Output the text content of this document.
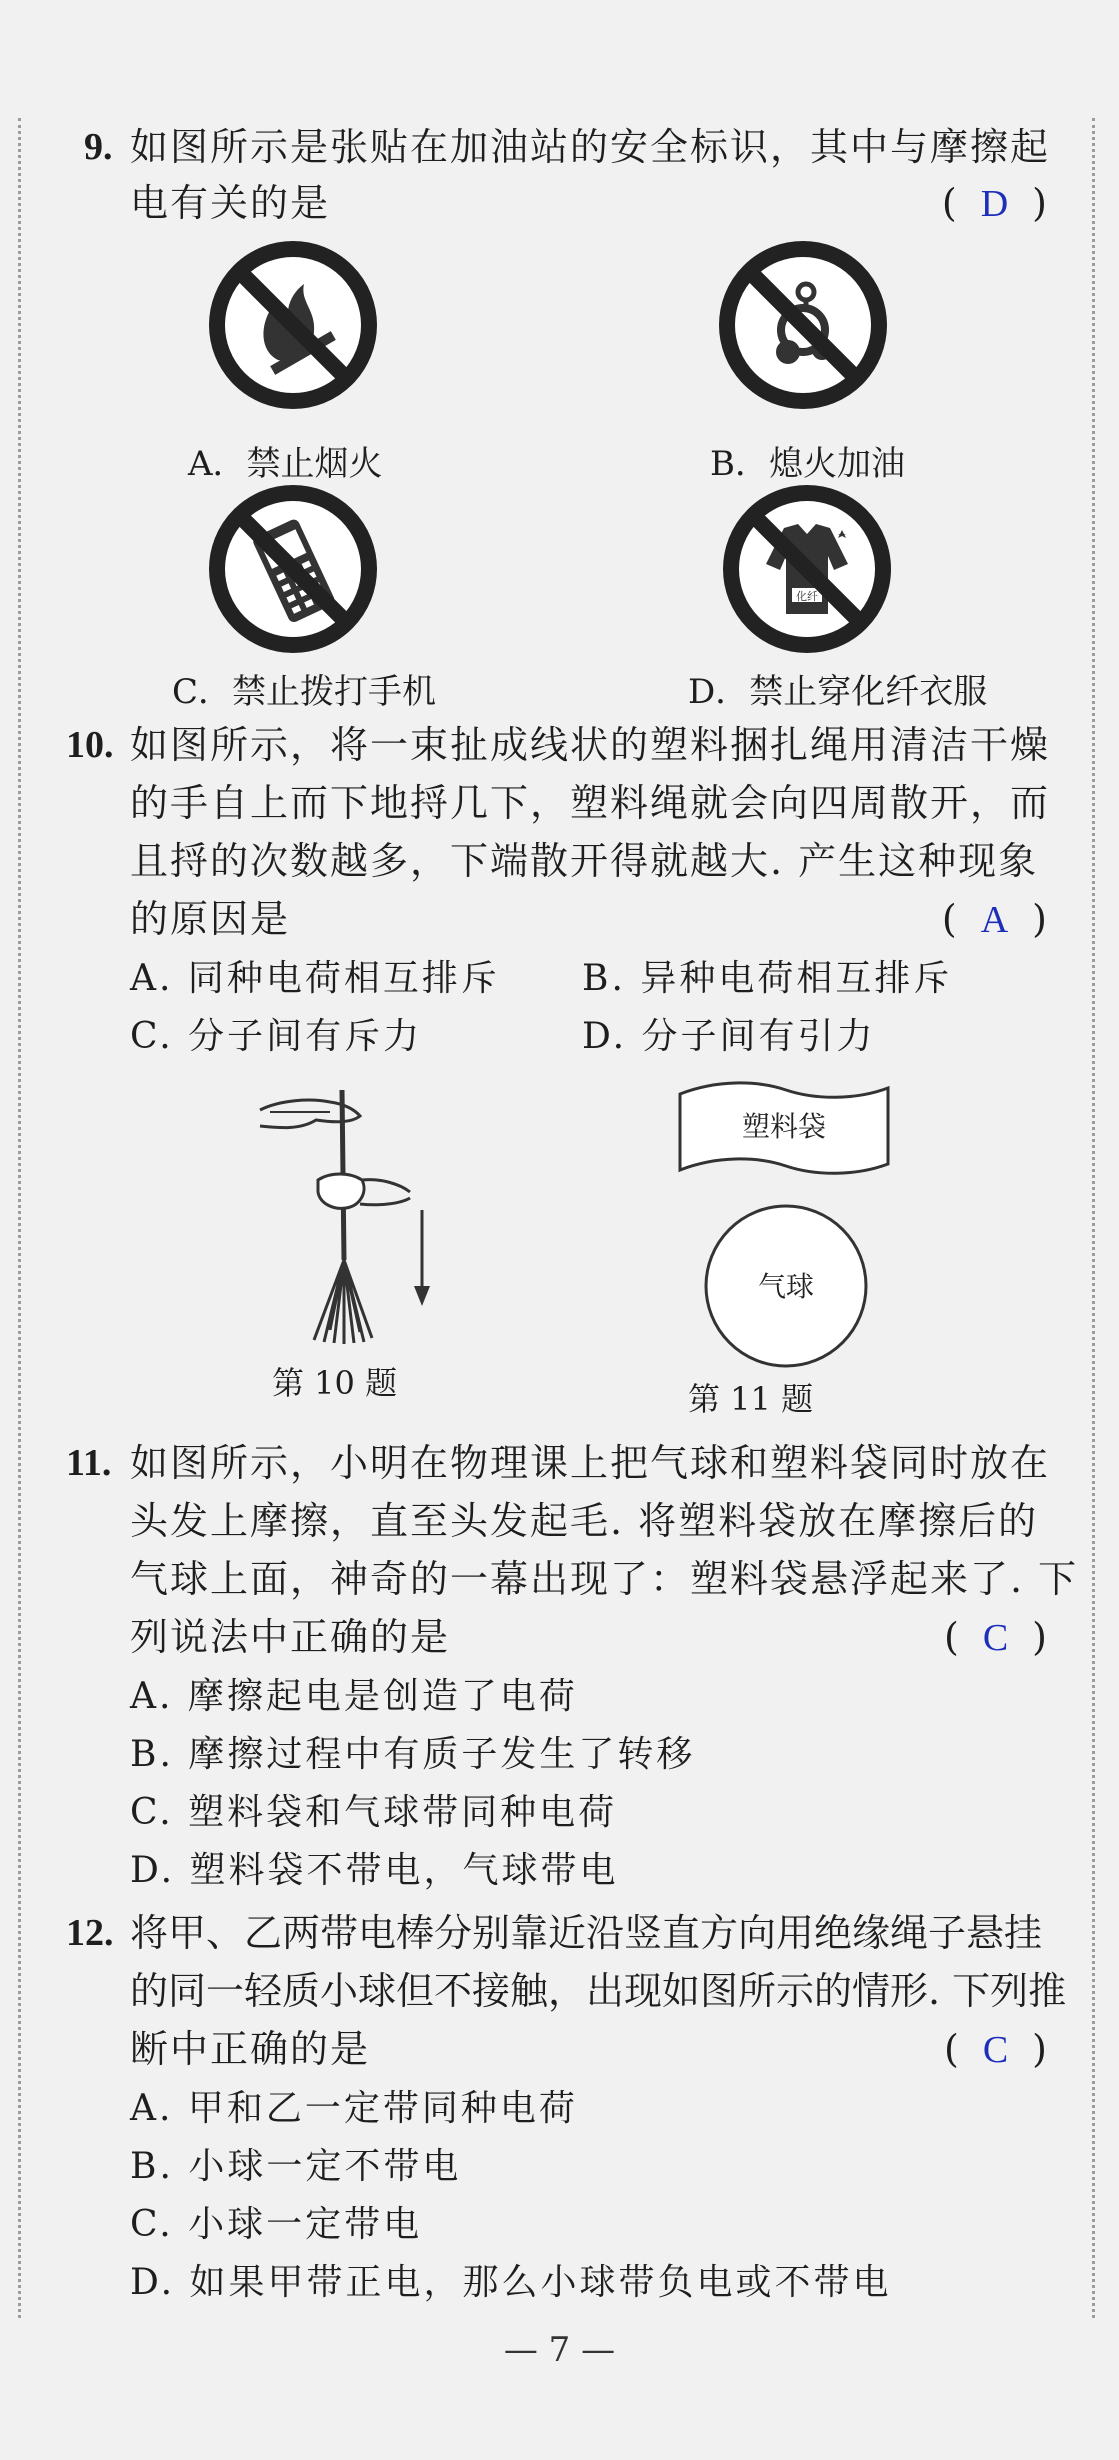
9. 如图所示是张贴在加油站的安全标识，其中与摩擦起
电有关的是	( D )
A．禁止烟火	B．熄火加油
C．禁止拨打手机
化纤
D．禁止穿化纤衣服
10. 如图所示，将一束扯成线状的塑料捆扎绳用清洁干燥
的手自上而下地捋几下，塑料绳就会向四周散开，而
且捋的次数越多，下端散开得就越大. 产生这种现象
的原因是	( A )
A. 同种电荷相互排斥 B. 异种电荷相互排斥
C. 分子间有斥力	D. 分子间有引力
第 10 题
塑料袋
气球
第 11 题
11. 如图所示，小明在物理课上把气球和塑料袋同时放在
头发上摩擦，直至头发起毛. 将塑料袋放在摩擦后的
气球上面，神奇的一幕出现了：塑料袋悬浮起来了. 下
列说法中正确的是	( C )
A. 摩擦起电是创造了电荷
B. 摩擦过程中有质子发生了转移
C. 塑料袋和气球带同种电荷
D. 塑料袋不带电，气球带电
12. 将甲、乙两带电棒分别靠近沿竖直方向用绝缘绳子悬挂
的同一轻质小球但不接触，出现如图所示的情形. 下列推
断中正确的是	( C )
A. 甲和乙一定带同种电荷
B. 小球一定不带电
C. 小球一定带电
D. 如果甲带正电，那么小球带负电或不带电
— 7 —
